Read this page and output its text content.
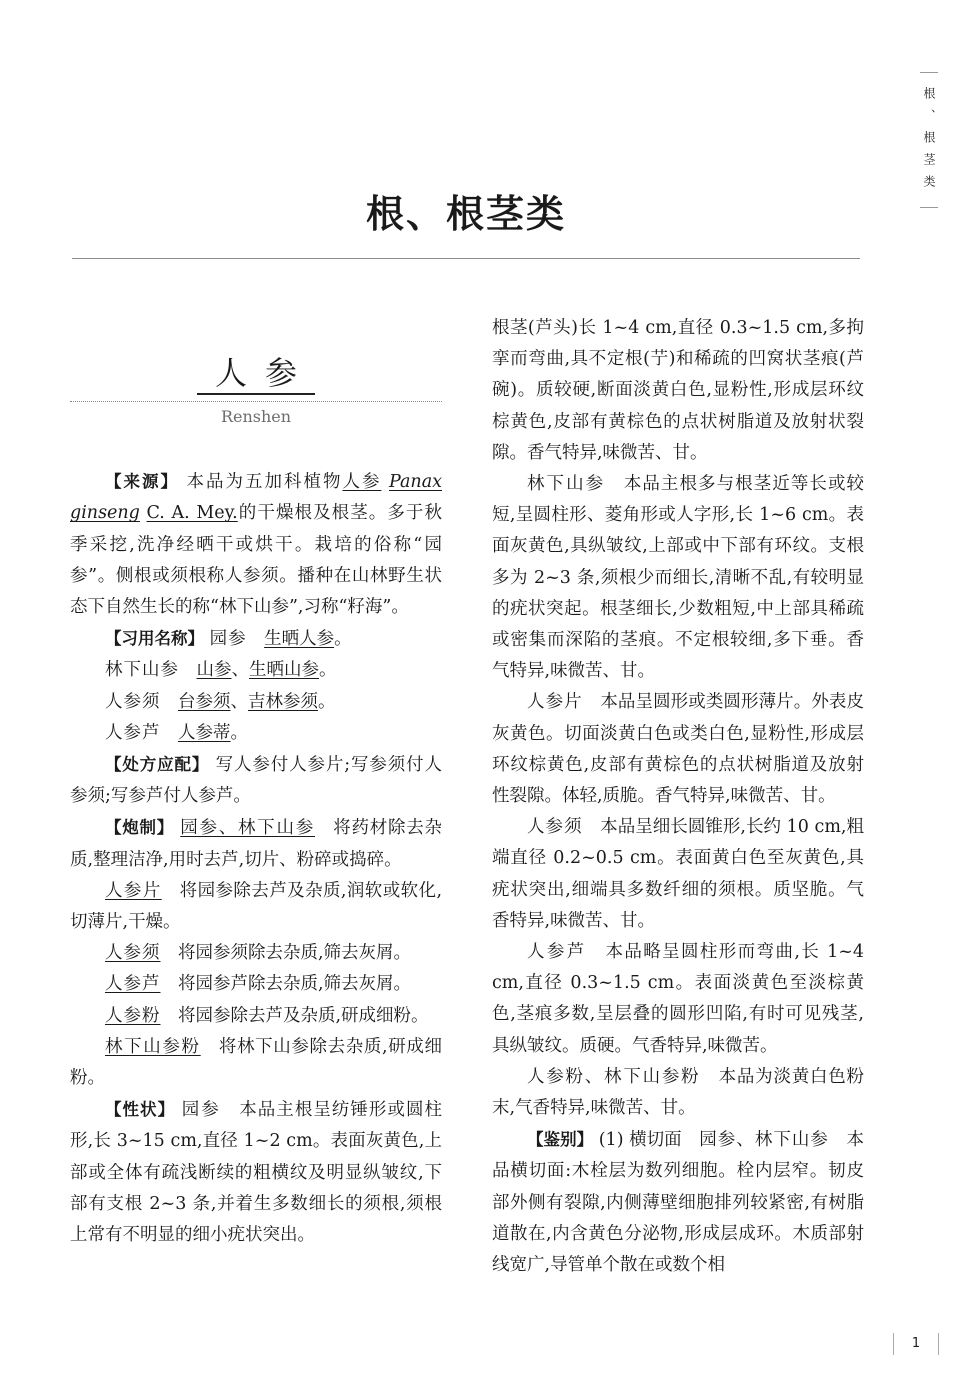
根、根茎类
根、根茎类
人参
Renshen

【来源】 本品为五加科植物人参 Panax ginseng C. A. Mey.的干燥根及根茎。多于秋季采挖,洗净经晒干或烘干。栽培的俗称“园参”。侧根或须根称人参须。播种在山林野生状态下自然生长的称“林下山参”,习称“籽海”。

【习用名称】 园参　 生晒人参。

林下山参　 山参、生晒山参。

人参须　 台参须、吉林参须。

人参芦　 人参蒂。

【处方应配】 写人参付人参片;写参须付人参须;写参芦付人参芦。

【炮制】 园参、林下山参　 将药材除去杂质,整理洁净,用时去芦,切片、粉碎或捣碎。

人参片　 将园参除去芦及杂质,润软或软化,切薄片,干燥。

人参须　 将园参须除去杂质,筛去灰屑。

人参芦　 将园参芦除去杂质,筛去灰屑。

人参粉　 将园参除去芦及杂质,研成细粉。

林下山参粉　 将林下山参除去杂质,研成细粉。

【性状】 园参　 本品主根呈纺锤形或圆柱形,长 3~15 cm,直径 1~2 cm。表面灰黄色,上部或全体有疏浅断续的粗横纹及明显纵皱纹,下部有支根 2~3 条,并着生多数细长的须根,须根上常有不明显的细小疣状突出。

根茎(芦头)长 1~4 cm,直径 0.3~1.5 cm,多拘挛而弯曲,具不定根(艼)和稀疏的凹窝状茎痕(芦碗)。质较硬,断面淡黄白色,显粉性,形成层环纹棕黄色,皮部有黄棕色的点状树脂道及放射状裂隙。香气特异,味微苦、甘。

林下山参　 本品主根多与根茎近等长或较短,呈圆柱形、菱角形或人字形,长 1~6 cm。表面灰黄色,具纵皱纹,上部或中下部有环纹。支根多为 2~3 条,须根少而细长,清晰不乱,有较明显的疣状突起。根茎细长,少数粗短,中上部具稀疏或密集而深陷的茎痕。不定根较细,多下垂。香气特异,味微苦、甘。

人参片　 本品呈圆形或类圆形薄片。外表皮灰黄色。切面淡黄白色或类白色,显粉性,形成层环纹棕黄色,皮部有黄棕色的点状树脂道及放射性裂隙。体轻,质脆。香气特异,味微苦、甘。

人参须　 本品呈细长圆锥形,长约 10 cm,粗端直径 0.2~0.5 cm。表面黄白色至灰黄色,具疣状突出,细端具多数纤细的须根。质坚脆。气香特异,味微苦、甘。

人参芦　 本品略呈圆柱形而弯曲,长 1~4 cm,直径 0.3~1.5 cm。表面淡黄色至淡棕黄色,茎痕多数,呈层叠的圆形凹陷,有时可见残茎,具纵皱纹。质硬。气香特异,味微苦。

人参粉、林下山参粉　 本品为淡黄白色粉末,气香特异,味微苦、甘。

【鉴别】 (1) 横切面　 园参、林下山参　 本品横切面:木栓层为数列细胞。栓内层窄。韧皮部外侧有裂隙,内侧薄壁细胞排列较紧密,有树脂道散在,内含黄色分泌物,形成层成环。木质部射线宽广,导管单个散在或数个相

1
